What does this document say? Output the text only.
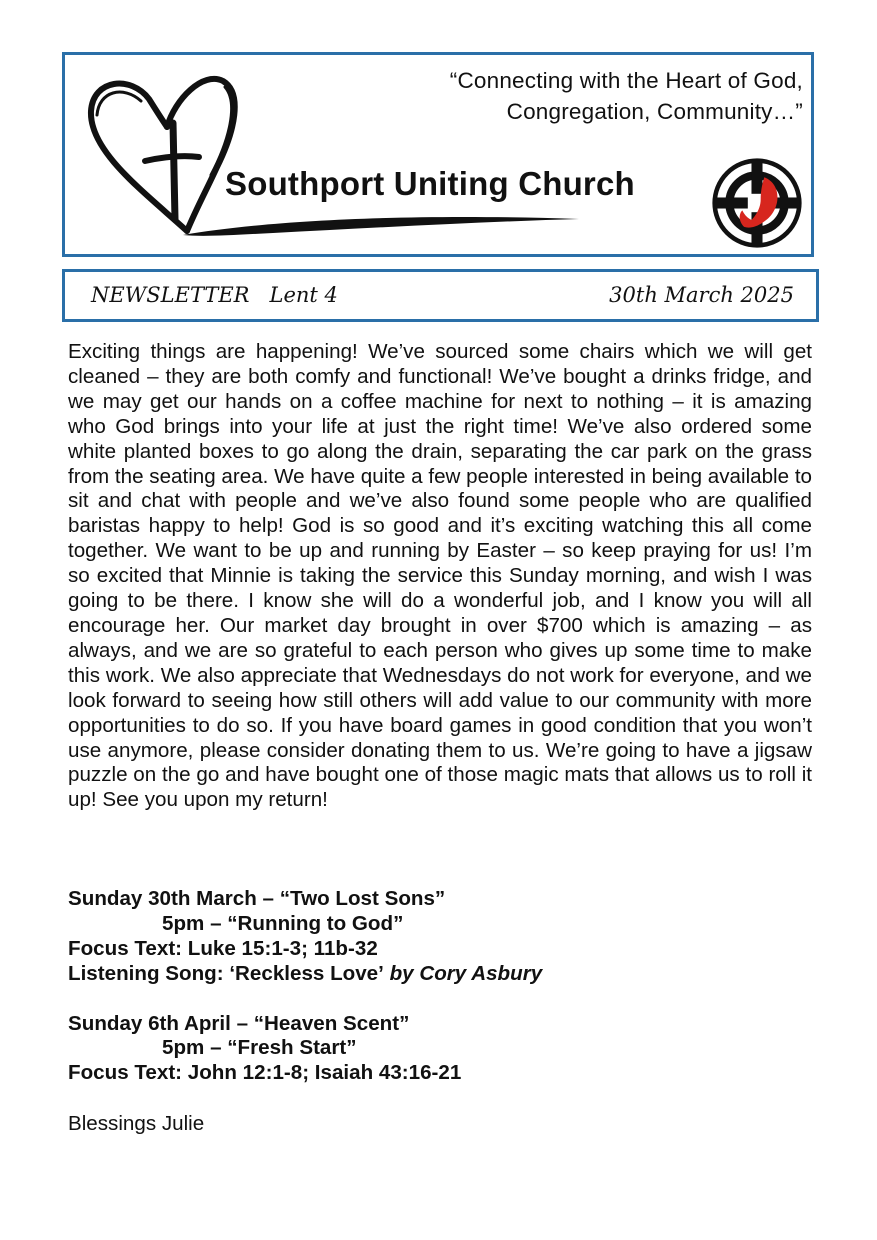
“Connecting with the Heart of God,
Congregation, Community…”
Southport Uniting Church
NEWSLETTER   Lent 4	30th March 2025

Exciting things are happening! We’ve sourced some chairs which we will get cleaned – they are both comfy and functional! We’ve bought a drinks fridge, and we may get our hands on a coffee machine for next to nothing – it is amazing who God brings into your life at just the right time! We’ve also ordered some white planted boxes to go along the drain, separating the car park on the grass from the seating area. We have quite a few people interested in being available to sit and chat with people and we’ve also found some people who are qualified baristas happy to help! God is so good and it’s exciting watching this all come together. We want to be up and running by Easter – so keep praying for us! I’m so excited that Minnie is taking the service this Sunday morning, and wish I was going to be there. I know she will do a wonderful job, and I know you will all encourage her. Our market day brought in over $700 which is amazing – as always, and we are so grateful to each person who gives up some time to make this work. We also appreciate that Wednesdays do not work for everyone, and we look forward to seeing how still others will add value to our community with more opportunities to do so. If you have board games in good condition that you won’t use anymore, please consider donating them to us. We’re going to have a jigsaw puzzle on the go and have bought one of those magic mats that allows us to roll it up! See you upon my return!

Sunday 30th March – “Two Lost Sons”
5pm – “Running to God”
Focus Text: Luke 15:1-3; 11b-32
Listening Song: ‘Reckless Love’ by Cory Asbury
Sunday 6th April – “Heaven Scent”
5pm – “Fresh Start”
Focus Text: John 12:1-8; Isaiah 43:16-21
Blessings Julie
